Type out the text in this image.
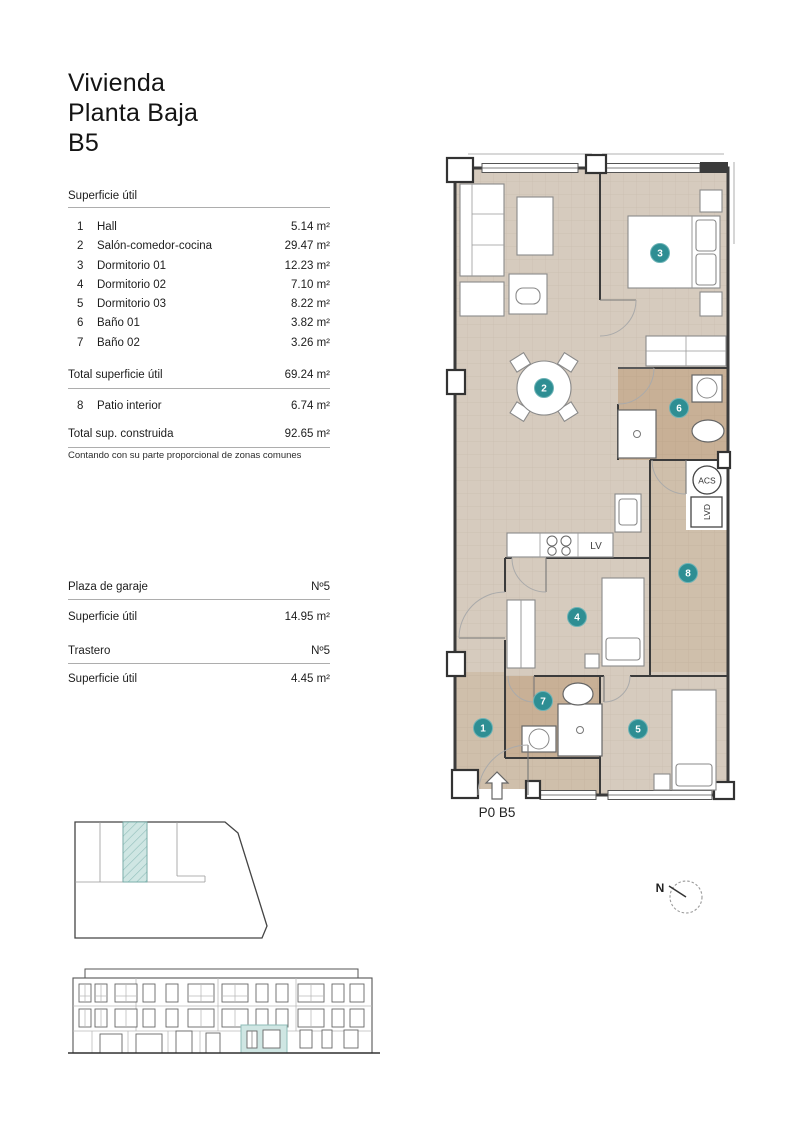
ACS
LVD
LV
1
2
3
4
5
6
7
8
P0 B5
N
Vivienda
Planta Baja
B5
Superficie útil
1	Hall	5.14 m²
2	Salón-comedor-cocina	29.47 m²
3	Dormitorio 01	12.23 m²
4	Dormitorio 02	7.10 m²
5	Dormitorio 03	8.22 m²
6	Baño 01	3.82 m²
7	Baño 02	3.26 m²
Total superficie útil	69.24 m²
8	Patio interior	6.74 m²
Total sup. construida	92.65 m²
Contando con su parte proporcional de zonas comunes
Plaza de garaje	Nº5
Superficie útil	14.95 m²
Trastero	Nº5
Superficie útil	4.45 m²
